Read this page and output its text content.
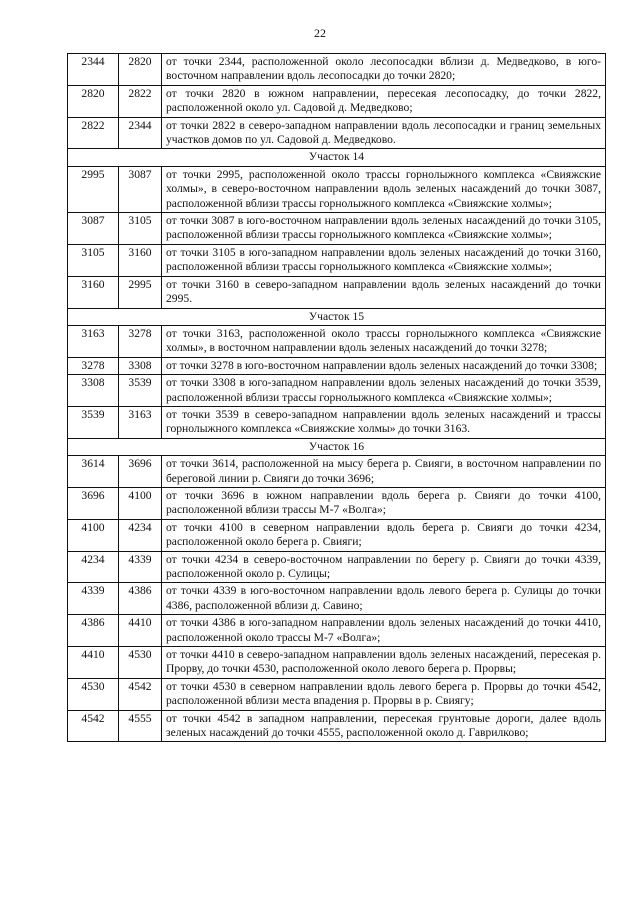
22
2344	2820	от точки 2344, расположенной около лесопосадки вблизи д. Медведково, в юго-восточном направлении вдоль лесопосадки до точки 2820;
2820	2822	от точки 2820 в южном направлении, пересекая лесопосадку, до точки 2822, расположенной около ул. Садовой д. Медведково;
2822	2344	от точки 2822 в северо-западном направлении вдоль лесопосадки и границ земельных участков домов по ул. Садовой д. Медведково.
Участок 14		
2995	3087	от точки 2995, расположенной около трассы горнолыжного комплекса «Свияжские холмы», в северо-восточном направлении вдоль зеленых насаждений до точки 3087, расположенной вблизи трассы горнолыжного комплекса «Свияжские холмы»;
3087	3105	от точки 3087 в юго-восточном направлении вдоль зеленых насаждений до точки 3105, расположенной вблизи трассы горнолыжного комплекса «Свияжские холмы»;
3105	3160	от точки 3105 в юго-западном направлении вдоль зеленых насаждений до точки 3160, расположенной вблизи трассы горнолыжного комплекса «Свияжские холмы»;
3160	2995	от точки 3160 в северо-западном направлении вдоль зеленых насаждений до точки 2995.
Участок 15		
3163	3278	от точки 3163, расположенной около трассы горнолыжного комплекса «Свияжские холмы», в восточном направлении вдоль зеленых насаждений до точки 3278;
3278	3308	от точки 3278 в юго-восточном направлении вдоль зеленых насаждений до точки 3308;
3308	3539	от точки 3308 в юго-западном направлении вдоль зеленых насаждений до точки 3539, расположенной вблизи трассы горнолыжного комплекса «Свияжские холмы»;
3539	3163	от точки 3539 в северо-западном направлении вдоль зеленых насаждений и трассы горнолыжного комплекса «Свияжские холмы» до точки 3163.
Участок 16		
3614	3696	от точки 3614, расположенной на мысу берега р. Свияги, в восточном направлении по береговой линии р. Свияги до точки 3696;
3696	4100	от точки 3696 в южном направлении вдоль берега р. Свияги до точки 4100, расположенной вблизи трассы М-7 «Волга»;
4100	4234	от точки 4100 в северном направлении вдоль берега р. Свияги до точки 4234, расположенной около берега р. Свияги;
4234	4339	от точки 4234 в северо-восточном направлении по берегу р. Свияги до точки 4339, расположенной около р. Сулицы;
4339	4386	от точки 4339 в юго-восточном направлении вдоль левого берега р. Сулицы до точки 4386, расположенной вблизи д. Савино;
4386	4410	от точки 4386 в юго-западном направлении вдоль зеленых насаждений до точки 4410, расположенной около трассы М-7 «Волга»;
4410	4530	от точки 4410 в северо-западном направлении вдоль зеленых насаждений, пересекая р. Прорву, до точки 4530, расположенной около левого берега р. Прорвы;
4530	4542	от точки 4530 в северном направлении вдоль левого берега р. Прорвы до точки 4542, расположенной вблизи места впадения р. Прорвы в р. Свиягу;
4542	4555	от точки 4542 в западном направлении, пересекая грунтовые дороги, далее вдоль зеленых насаждений до точки 4555, расположенной около д. Гаврилково;
